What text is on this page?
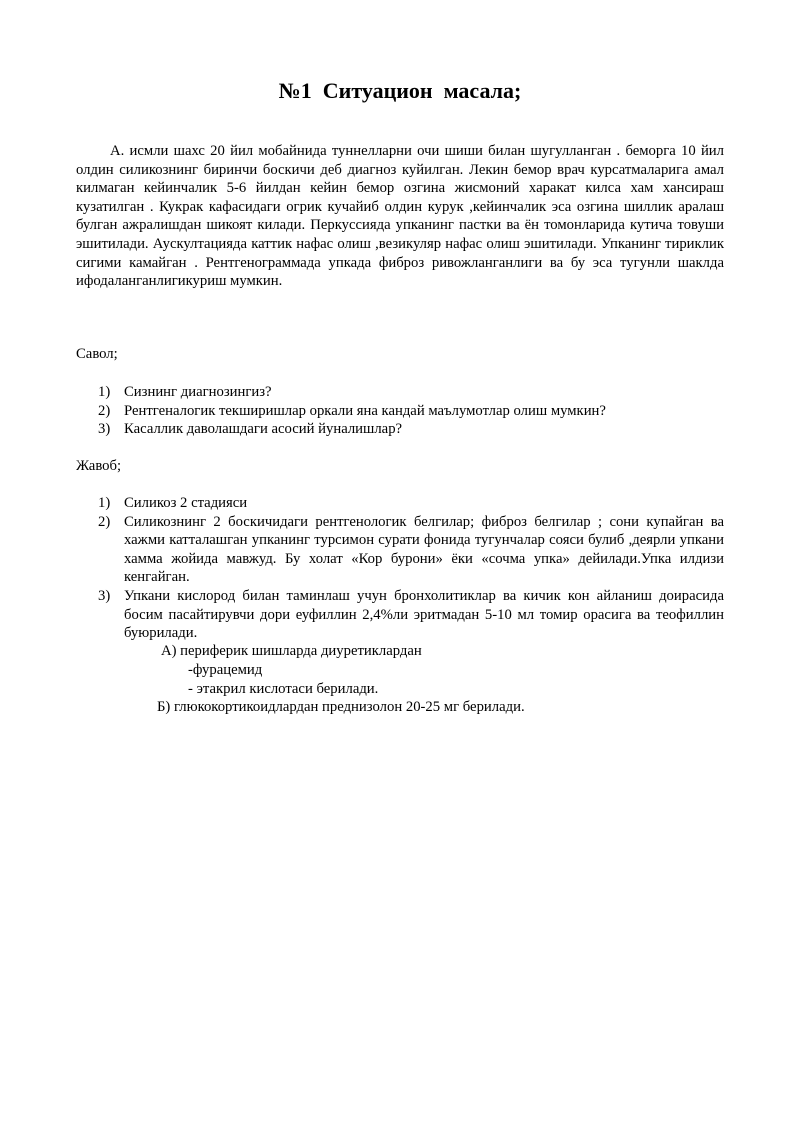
№1  Ситуацион  масала;

А. исмли шахс 20 йил мобайнида туннелларни очи шиши билан шугулланган . беморга 10 йил олдин силикознинг биринчи боскичи деб диагноз куйилган. Лекин бемор врач курсатмаларига амал килмаган кейинчалик 5-6 йилдан кейин бемор озгина жисмоний харакат килса хам хансираш кузатилган . Кукрак кафасидаги огрик кучайиб олдин курук ,кейинчалик эса озгина шиллик аралаш булган ажралишдан шикоят килади. Перкуссияда упканинг пастки ва ён томонларида кутича товуши эшитилади. Аускултацияда каттик нафас олиш ,везикуляр нафас олиш эшитилади. Упканинг тириклик сигими камайган . Рентгенограммада упкада фиброз ривожланганлиги ва бу эса тугунли шаклда ифодаланганлигикуриш мумкин.

Савол;

1) Сизнинг диагнозингиз?
2) Рентгеналогик текширишлар оркали яна кандай маълумотлар олиш мумкин?
3) Касаллик даволашдаги асосий йуналишлар?

Жавоб;

1) Силикоз 2 стадияси
2) Силикознинг 2 боскичидаги рентгенологик белгилар; фиброз белгилар ; сони купайган ва хажми катталашган упканинг турсимон сурати фонида тугунчалар сояси булиб ,деярли упкани хамма жойида мавжуд. Бу холат «Кор бурони» ёки «сочма упка» дейилади.Упка илдизи кенгайган.
3) Упкани кислород билан таминлаш учун бронхолитиклар ва кичик кон айланиш доирасида босим пасайтирувчи дори еуфиллин 2,4%ли эритмадан 5-10 мл томир орасига ва теофиллин буюрилади.

А) периферик шишларда диуретиклардан

-фурацемид

- этакрил кислотаси берилади.

Б) глюкокортикоидлардан преднизолон 20-25 мг берилади.
